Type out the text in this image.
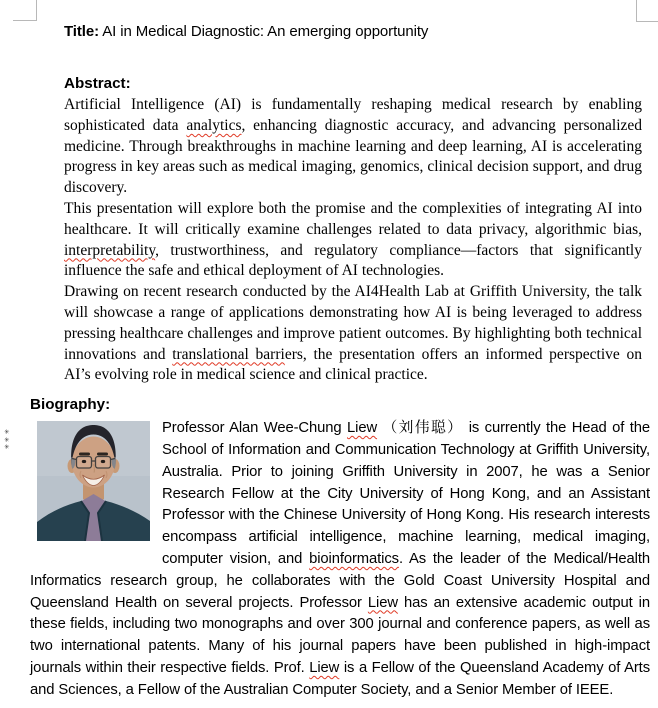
✳
✳
✳

Title: AI in Medical Diagnostic: An emerging opportunity

Abstract:

Artificial Intelligence (AI) is fundamentally reshaping medical research by enabling sophisticated data analytics, enhancing diagnostic accuracy, and advancing personalized medicine. Through breakthroughs in machine learning and deep learning, AI is accelerating progress in key areas such as medical imaging, genomics, clinical decision support, and drug discovery.

This presentation will explore both the promise and the complexities of integrating AI into healthcare. It will critically examine challenges related to data privacy, algorithmic bias, interpretability, trustworthiness, and regulatory compliance—factors that significantly influence the safe and ethical deployment of AI technologies.

Drawing on recent research conducted by the AI4Health Lab at Griffith University, the talk will showcase a range of applications demonstrating how AI is being leveraged to address pressing healthcare challenges and improve patient outcomes. By highlighting both technical innovations and translational barriers, the presentation offers an informed perspective on AI’s evolving role in medical science and clinical practice.

Biography:
Professor Alan Wee-Chung Liew （刘伟聪） is currently the Head of the School of Information and Communication Technology at Griffith University, Australia. Prior to joining Griffith University in 2007, he was a Senior Research Fellow at the City University of Hong Kong, and an Assistant Professor with the Chinese University of Hong Kong. His research interests encompass artificial intelligence, machine learning, medical imaging, computer vision, and bioinformatics. As the leader of the Medical/Health Informatics research group, he collaborates with the Gold Coast University Hospital and Queensland Health on several projects. Professor Liew has an extensive academic output in these fields, including two monographs and over 300 journal and conference papers, as well as two international patents. Many of his journal papers have been published in high-impact journals within their respective fields. Prof. Liew is a Fellow of the Queensland Academy of Arts and Sciences, a Fellow of the Australian Computer Society, and a Senior Member of IEEE.
